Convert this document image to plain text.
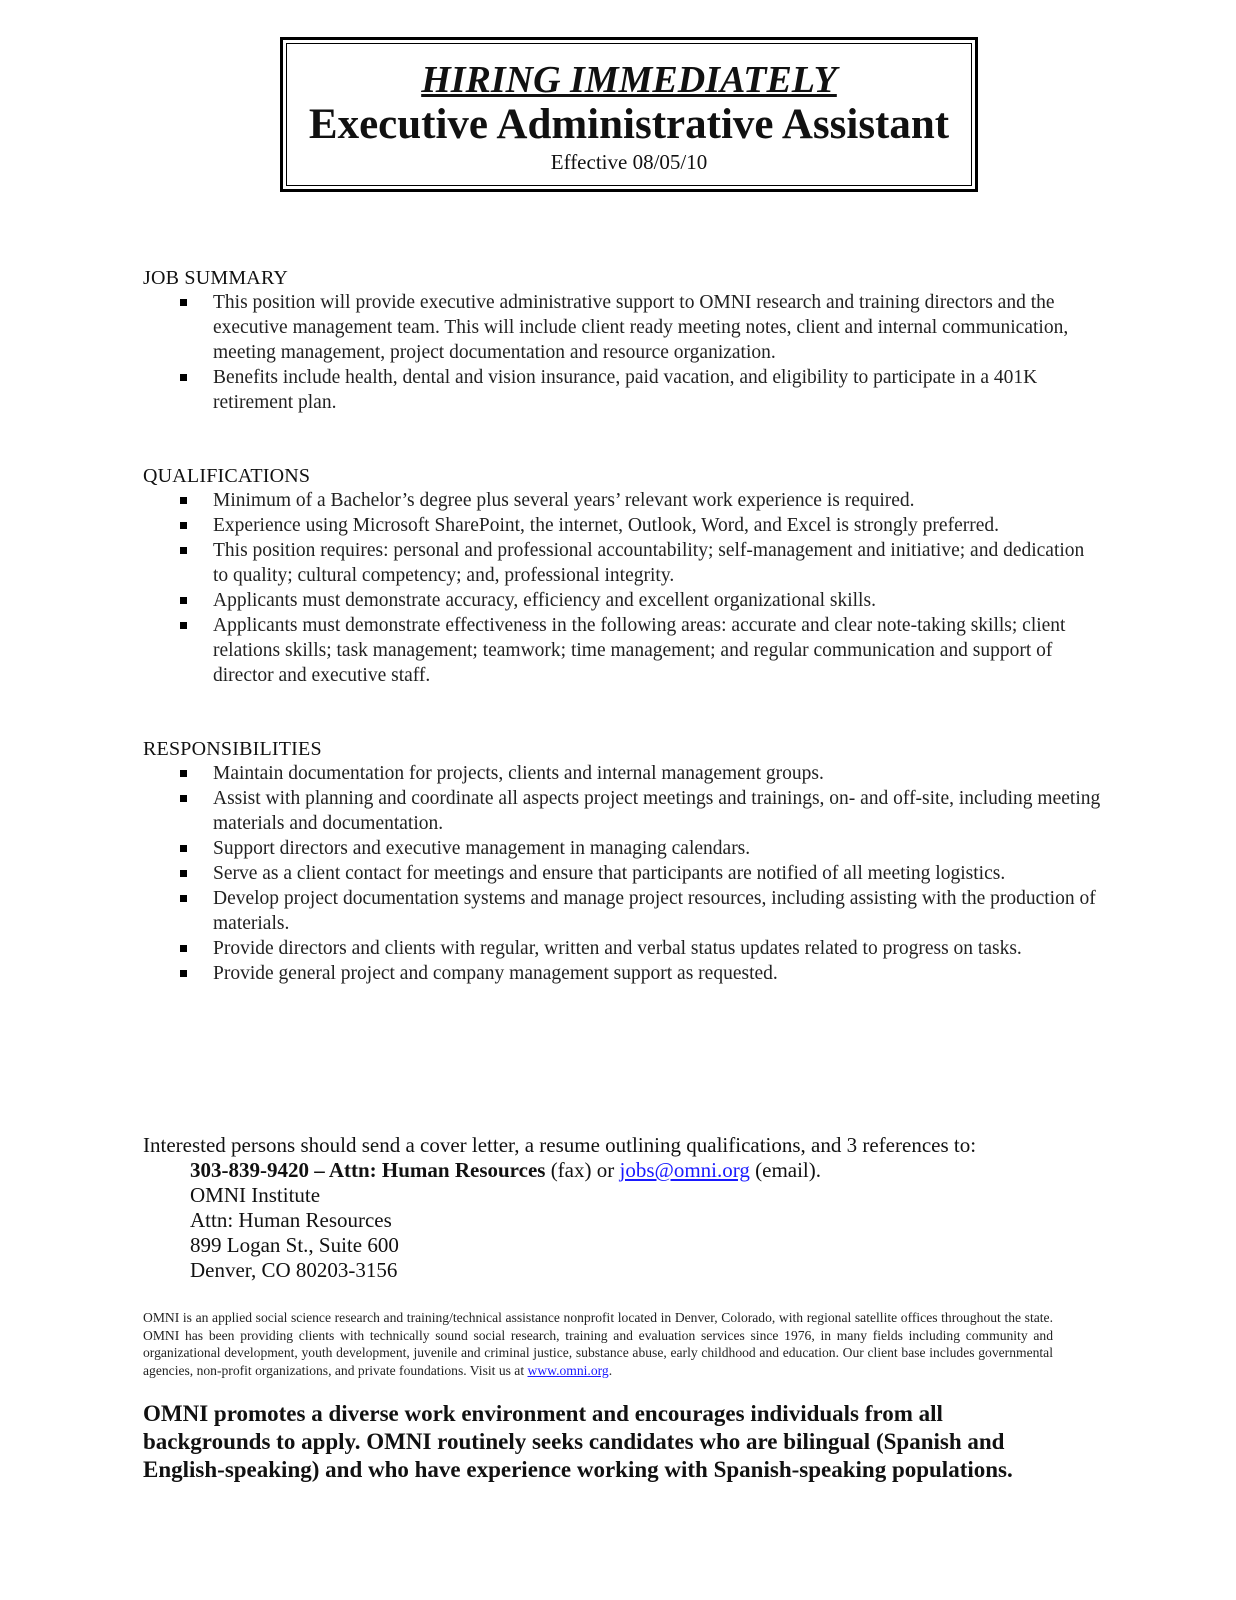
HIRING IMMEDIATELY
Executive Administrative Assistant
Effective 08/05/10
JOB SUMMARY
This position will provide executive administrative support to OMNI research and training directors and the executive management team. This will include client ready meeting notes, client and internal communication, meeting management, project documentation and resource organization.
Benefits include health, dental and vision insurance, paid vacation, and eligibility to participate in a 401K retirement plan.
QUALIFICATIONS
Minimum of a Bachelor’s degree plus several years’ relevant work experience is required.
Experience using Microsoft SharePoint, the internet, Outlook, Word, and Excel is strongly preferred.
This position requires: personal and professional accountability; self-management and initiative; and dedication to quality; cultural competency; and, professional integrity.
Applicants must demonstrate accuracy, efficiency and excellent organizational skills.
Applicants must demonstrate effectiveness in the following areas: accurate and clear note-taking skills; client relations skills; task management; teamwork; time management; and regular communication and support of director and executive staff.
RESPONSIBILITIES
Maintain documentation for projects, clients and internal management groups.
Assist with planning and coordinate all aspects project meetings and trainings, on- and off-site, including meeting materials and documentation.
Support directors and executive management in managing calendars.
Serve as a client contact for meetings and ensure that participants are notified of all meeting logistics.
Develop project documentation systems and manage project resources, including assisting with the production of materials.
Provide directors and clients with regular, written and verbal status updates related to progress on tasks.
Provide general project and company management support as requested.
Interested persons should send a cover letter, a resume outlining qualifications, and 3 references to:
303-839-9420 – Attn: Human Resources (fax) or jobs@omni.org (email).
OMNI Institute
Attn: Human Resources
899 Logan St., Suite 600
Denver, CO 80203-3156
OMNI is an applied social science research and training/technical assistance nonprofit located in Denver, Colorado, with regional satellite offices throughout the state. OMNI has been providing clients with technically sound social research, training and evaluation services since 1976, in many fields including community and organizational development, youth development, juvenile and criminal justice, substance abuse, early childhood and education. Our client base includes governmental agencies, non-profit organizations, and private foundations. Visit us at www.omni.org.
OMNI promotes a diverse work environment and encourages individuals from all backgrounds to apply. OMNI routinely seeks candidates who are bilingual (Spanish and English-speaking) and who have experience working with Spanish-speaking populations.
